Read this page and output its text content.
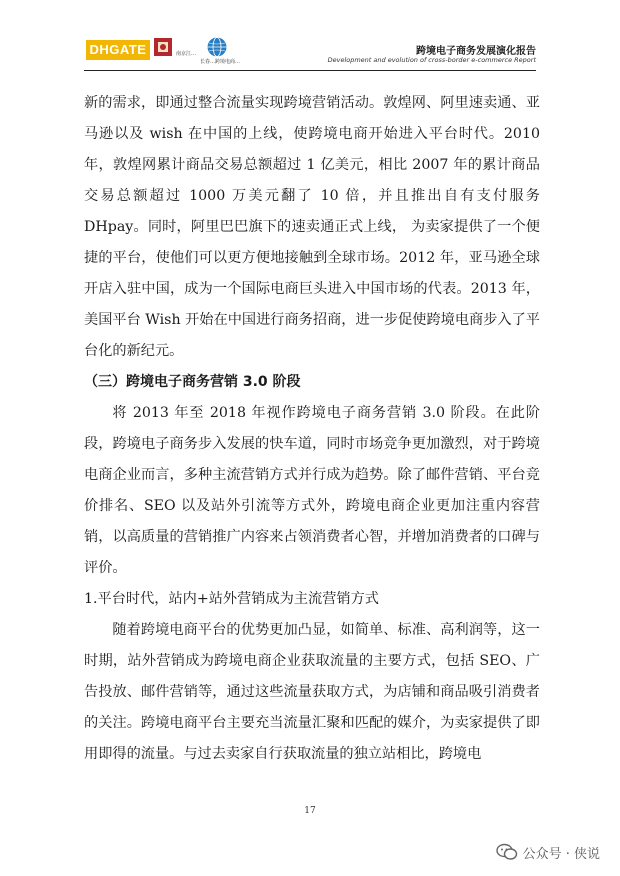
DHGATE	南京江…
长春…跨境电商…
跨境电子商务发展演化报告
Development and evolution of cross-border e-commerce Report

新的需求，即通过整合流量实现跨境营销活动。敦煌网、阿里速卖通、亚马逊以及 wish 在中国的上线，使跨境电商开始进入平台时代。2010 年，敦煌网累计商品交易总额超过 1 亿美元，相比 2007 年的累计商品交易总额超过 1000 万美元翻了 10 倍，并且推出自有支付服务 DHpay。同时，阿里巴巴旗下的速卖通正式上线， 为卖家提供了一个便捷的平台，使他们可以更方便地接触到全球市场。2012 年，亚马逊全球开店入驻中国，成为一个国际电商巨头进入中国市场的代表。2013 年，美国平台 Wish 开始在中国进行商务招商，进一步促使跨境电商步入了平台化的新纪元。

（三）跨境电子商务营销 3.0 阶段

将 2013 年至 2018 年视作跨境电子商务营销 3.0 阶段。在此阶段，跨境电子商务步入发展的快车道，同时市场竞争更加激烈，对于跨境电商企业而言，多种主流营销方式并行成为趋势。除了邮件营销、平台竞价排名、SEO 以及站外引流等方式外，跨境电商企业更加注重内容营销，以高质量的营销推广内容来占领消费者心智，并增加消费者的口碑与评价。

1.平台时代，站内+站外营销成为主流营销方式

随着跨境电商平台的优势更加凸显，如简单、标准、高利润等，这一时期，站外营销成为跨境电商企业获取流量的主要方式，包括 SEO、广告投放、邮件营销等，通过这些流量获取方式，为店铺和商品吸引消费者的关注。跨境电商平台主要充当流量汇聚和匹配的媒介，为卖家提供了即用即得的流量。与过去卖家自行获取流量的独立站相比，跨境电

17
公众号 · 侠说
